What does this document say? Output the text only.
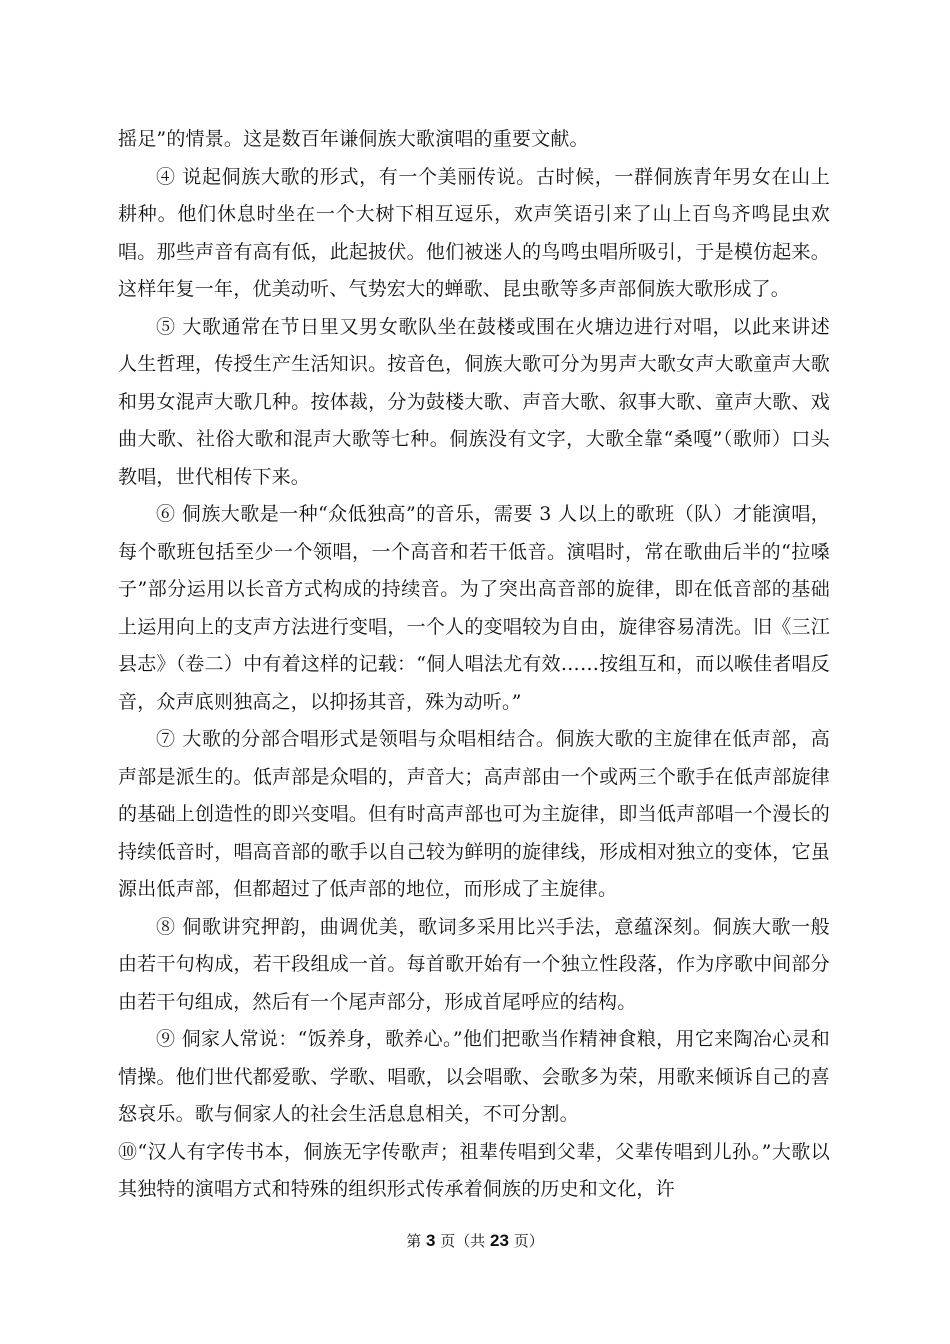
摇足”的情景。这是数百年谦侗族大歌演唱的重要文献。

④ 说起侗族大歌的形式，有一个美丽传说。古时候，一群侗族青年男女在山上耕种。他们休息时坐在一个大树下相互逗乐，欢声笑语引来了山上百鸟齐鸣昆虫欢唱。那些声音有高有低，此起披伏。他们被迷人的鸟鸣虫唱所吸引，于是模仿起来。这样年复一年，优美动听、气势宏大的蝉歌、昆虫歌等多声部侗族大歌形成了。

⑤ 大歌通常在节日里又男女歌队坐在鼓楼或围在火塘边进行对唱，以此来讲述人生哲理，传授生产生活知识。按音色，侗族大歌可分为男声大歌女声大歌童声大歌和男女混声大歌几种。按体裁，分为鼓楼大歌、声音大歌、叙事大歌、童声大歌、戏曲大歌、社俗大歌和混声大歌等七种。侗族没有文字，大歌全靠“桑嘎”（歌师）口头教唱，世代相传下来。

⑥ 侗族大歌是一种“众低独高”的音乐，需要 3 人以上的歌班（队）才能演唱，每个歌班包括至少一个领唱，一个高音和若干低音。演唱时，常在歌曲后半的“拉嗓子”部分运用以长音方式构成的持续音。为了突出高音部的旋律，即在低音部的基础上运用向上的支声方法进行变唱，一个人的变唱较为自由，旋律容易清洗。旧《三江县志》（卷二）中有着这样的记载：“侗人唱法尤有效……按组互和，而以喉佳者唱反音，众声底则独高之，以抑扬其音，殊为动听。”

⑦ 大歌的分部合唱形式是领唱与众唱相结合。侗族大歌的主旋律在低声部，高声部是派生的。低声部是众唱的，声音大；高声部由一个或两三个歌手在低声部旋律的基础上创造性的即兴变唱。但有时高声部也可为主旋律，即当低声部唱一个漫长的持续低音时，唱高音部的歌手以自己较为鲜明的旋律线，形成相对独立的变体，它虽源出低声部，但都超过了低声部的地位，而形成了主旋律。

⑧ 侗歌讲究押韵，曲调优美，歌词多采用比兴手法，意蕴深刻。侗族大歌一般由若干句构成，若干段组成一首。每首歌开始有一个独立性段落，作为序歌中间部分由若干句组成，然后有一个尾声部分，形成首尾呼应的结构。

⑨ 侗家人常说：“饭养身，歌养心。”他们把歌当作精神食粮，用它来陶冶心灵和情操。他们世代都爱歌、学歌、唱歌，以会唱歌、会歌多为荣，用歌来倾诉自己的喜怒哀乐。歌与侗家人的社会生活息息相关，不可分割。

⑩“汉人有字传书本，侗族无字传歌声；祖辈传唱到父辈，父辈传唱到儿孙。”大歌以其独特的演唱方式和特殊的组织形式传承着侗族的历史和文化，许

第 3 页（共 23 页）
